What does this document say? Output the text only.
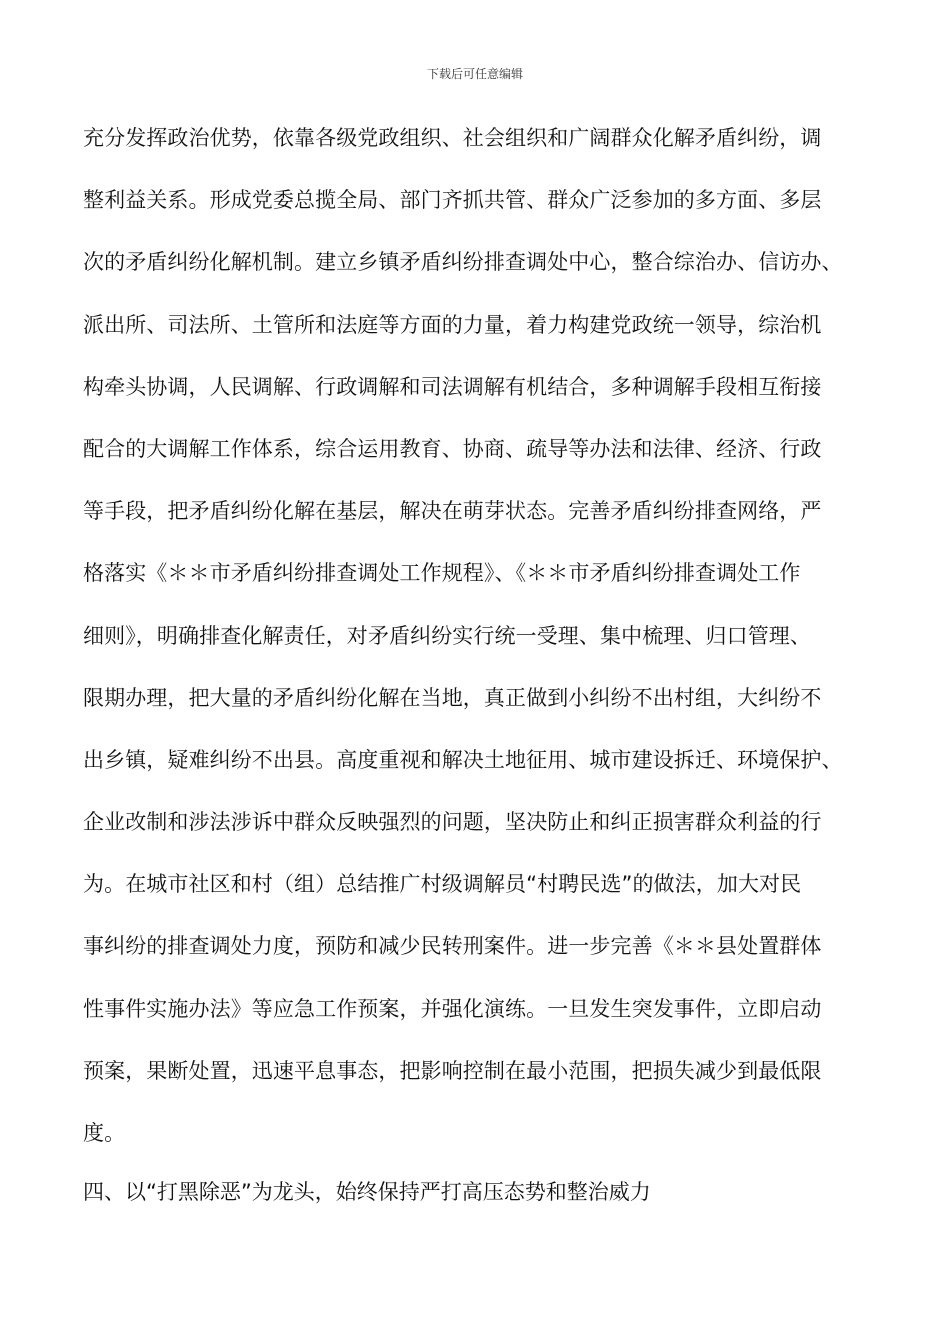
下载后可任意编辑
充分发挥政治优势，依靠各级党政组织、社会组织和广阔群众化解矛盾纠纷，调
整利益关系。形成党委总揽全局、部门齐抓共管、群众广泛参加的多方面、多层
次的矛盾纠纷化解机制。建立乡镇矛盾纠纷排查调处中心，整合综治办、信访办、
派出所、司法所、土管所和法庭等方面的力量，着力构建党政统一领导，综治机
构牵头协调，人民调解、行政调解和司法调解有机结合，多种调解手段相互衔接
配合的大调解工作体系，综合运用教育、协商、疏导等办法和法律、经济、行政
等手段，把矛盾纠纷化解在基层，解决在萌芽状态。完善矛盾纠纷排查网络，严
格落实《＊＊市矛盾纠纷排查调处工作规程》、《＊＊市矛盾纠纷排查调处工作
细则》，明确排查化解责任，对矛盾纠纷实行统一受理、集中梳理、归口管理、
限期办理，把大量的矛盾纠纷化解在当地，真正做到小纠纷不出村组，大纠纷不
出乡镇，疑难纠纷不出县。高度重视和解决土地征用、城市建设拆迁、环境保护、
企业改制和涉法涉诉中群众反映强烈的问题，坚决防止和纠正损害群众利益的行
为。在城市社区和村（组）总结推广村级调解员“村聘民选”的做法，加大对民
事纠纷的排查调处力度，预防和减少民转刑案件。进一步完善《＊＊县处置群体
性事件实施办法》等应急工作预案，并强化演练。一旦发生突发事件，立即启动
预案，果断处置，迅速平息事态，把影响控制在最小范围，把损失减少到最低限
度。
四、以“打黑除恶”为龙头，始终保持严打高压态势和整治威力
